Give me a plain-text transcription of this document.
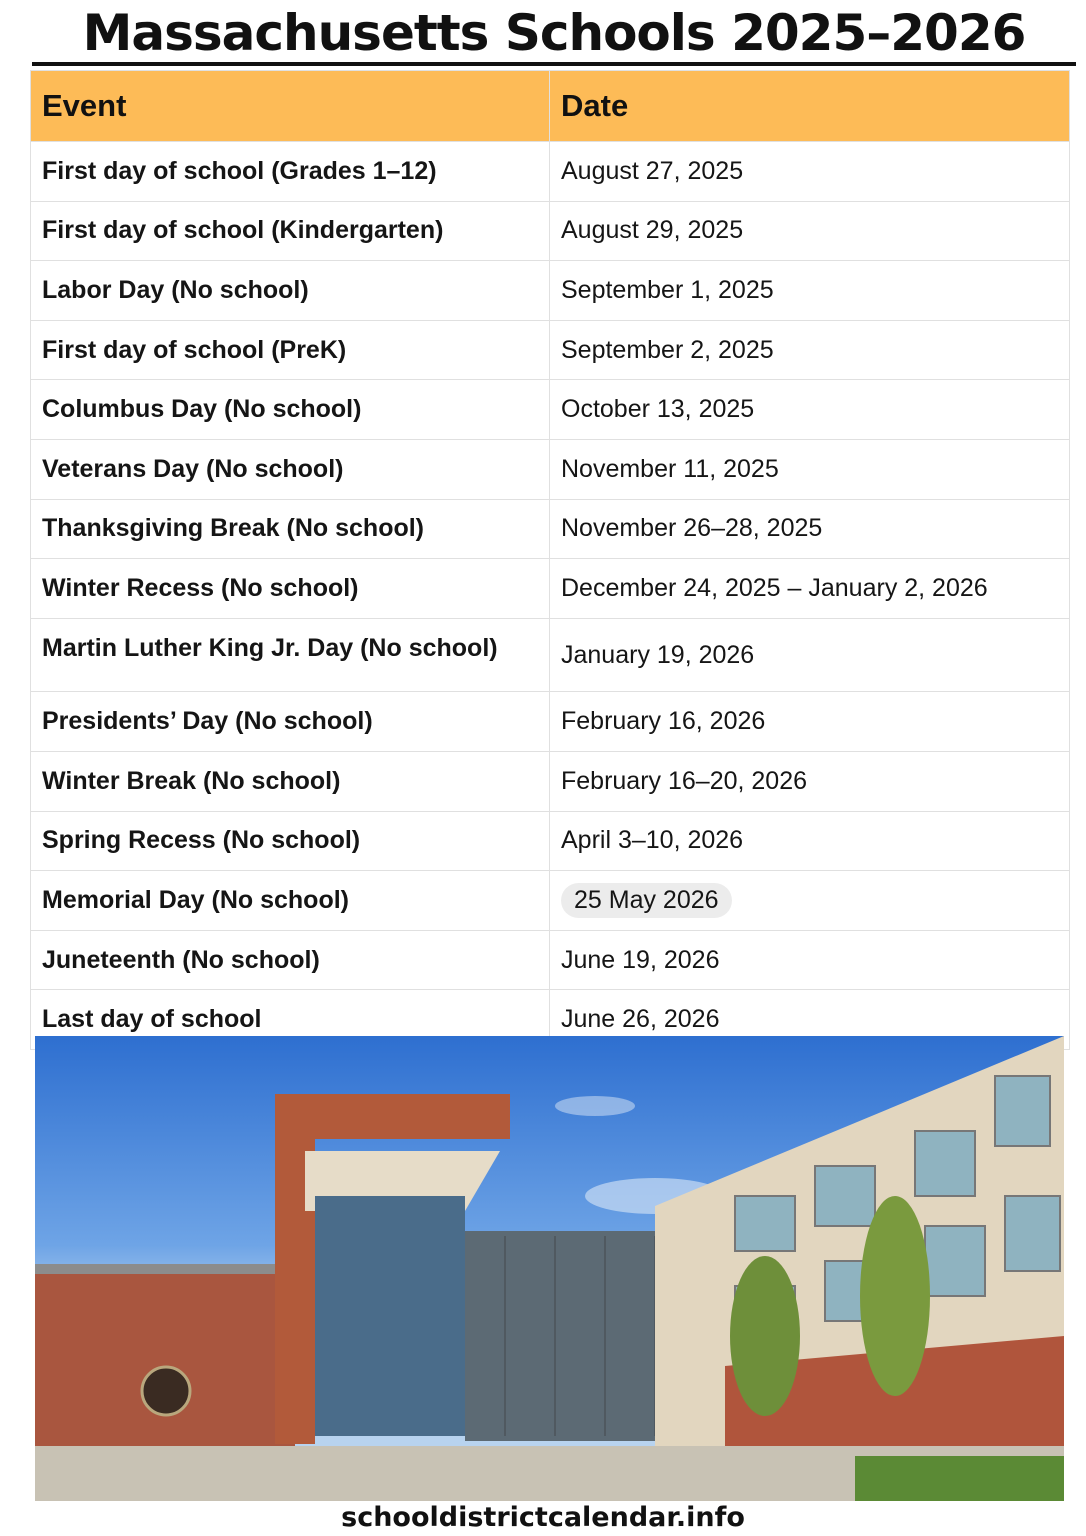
Massachusetts Schools 2025–2026
Event	Date
First day of school (Grades 1–12)	August 27, 2025
First day of school (Kindergarten)	August 29, 2025
Labor Day (No school)	September 1, 2025
First day of school (PreK)	September 2, 2025
Columbus Day (No school)	October 13, 2025
Veterans Day (No school)	November 11, 2025
Thanksgiving Break (No school)	November 26–28, 2025
Winter Recess (No school)	December 24, 2025 – January 2, 2026

Martin Luther King Jr. Day (No school)	January 19, 2026
Presidents’ Day (No school)	February 16, 2026
Winter Break (No school)	February 16–20, 2026
Spring Recess (No school)	April 3–10, 2026
Memorial Day (No school)	25 May 2026
Juneteenth (No school)	June 19, 2026
Last day of school	June 26, 2026
schooldistrictcalendar.info
